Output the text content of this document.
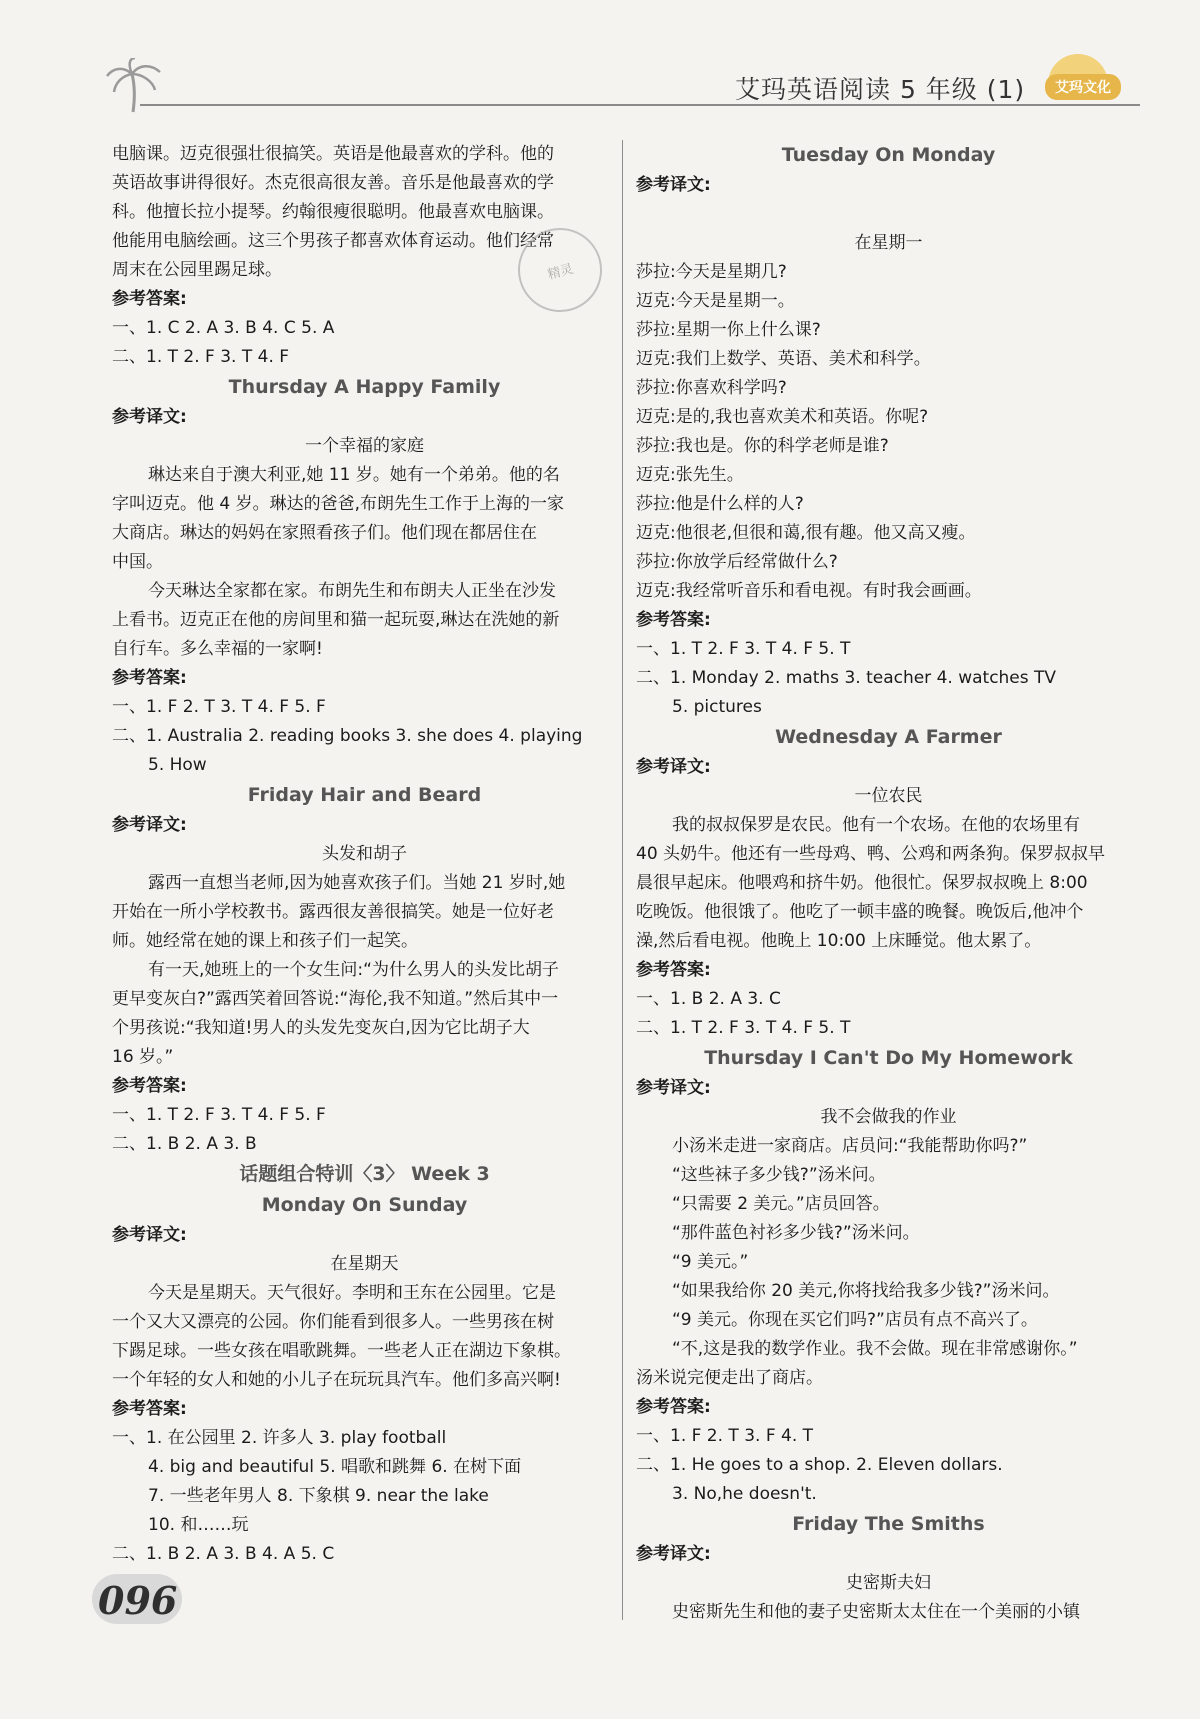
艾玛英语阅读 5 年级 (1)	艾玛文化
电脑课。迈克很强壮很搞笑。英语是他最喜欢的学科。他的
英语故事讲得很好。杰克很高很友善。音乐是他最喜欢的学
科。他擅长拉小提琴。约翰很瘦很聪明。他最喜欢电脑课。
他能用电脑绘画。这三个男孩子都喜欢体育运动。他们经常
周末在公园里踢足球。
参考答案:
一、1. C 2. A 3. B 4. C 5. A
二、1. T 2. F 3. T 4. F
Thursday A Happy Family
参考译文:
一个幸福的家庭
琳达来自于澳大利亚,她 11 岁。她有一个弟弟。他的名
字叫迈克。他 4 岁。琳达的爸爸,布朗先生工作于上海的一家
大商店。琳达的妈妈在家照看孩子们。他们现在都居住在
中国。
今天琳达全家都在家。布朗先生和布朗夫人正坐在沙发
上看书。迈克正在他的房间里和猫一起玩耍,琳达在洗她的新
自行车。多么幸福的一家啊!
参考答案:
一、1. F 2. T 3. T 4. F 5. F
二、1. Australia 2. reading books 3. she does 4. playing
5. How
Friday Hair and Beard
参考译文:
头发和胡子
露西一直想当老师,因为她喜欢孩子们。当她 21 岁时,她
开始在一所小学校教书。露西很友善很搞笑。她是一位好老
师。她经常在她的课上和孩子们一起笑。
有一天,她班上的一个女生问:“为什么男人的头发比胡子
更早变灰白?”露西笑着回答说:“海伦,我不知道。”然后其中一
个男孩说:“我知道!男人的头发先变灰白,因为它比胡子大
16 岁。”
参考答案:
一、1. T 2. F 3. T 4. F 5. F
二、1. B 2. A 3. B
话题组合特训〈3〉 Week 3
Monday On Sunday
参考译文:
在星期天
今天是星期天。天气很好。李明和王东在公园里。它是
一个又大又漂亮的公园。你们能看到很多人。一些男孩在树
下踢足球。一些女孩在唱歌跳舞。一些老人正在湖边下象棋。
一个年轻的女人和她的小儿子在玩玩具汽车。他们多高兴啊!
参考答案:
一、1. 在公园里 2. 许多人 3. play football
4. big and beautiful 5. 唱歌和跳舞 6. 在树下面
7. 一些老年男人 8. 下象棋 9. near the lake
10. 和……玩
二、1. B 2. A 3. B 4. A 5. C
Tuesday On Monday
参考译文:
在星期一
莎拉:今天是星期几?
迈克:今天是星期一。
莎拉:星期一你上什么课?
迈克:我们上数学、英语、美术和科学。
莎拉:你喜欢科学吗?
迈克:是的,我也喜欢美术和英语。你呢?
莎拉:我也是。你的科学老师是谁?
迈克:张先生。
莎拉:他是什么样的人?
迈克:他很老,但很和蔼,很有趣。他又高又瘦。
莎拉:你放学后经常做什么?
迈克:我经常听音乐和看电视。有时我会画画。
参考答案:
一、1. T 2. F 3. T 4. F 5. T
二、1. Monday 2. maths 3. teacher 4. watches TV
5. pictures
Wednesday A Farmer
参考译文:
一位农民
我的叔叔保罗是农民。他有一个农场。在他的农场里有
40 头奶牛。他还有一些母鸡、鸭、公鸡和两条狗。保罗叔叔早
晨很早起床。他喂鸡和挤牛奶。他很忙。保罗叔叔晚上 8:00
吃晚饭。他很饿了。他吃了一顿丰盛的晚餐。晚饭后,他冲个
澡,然后看电视。他晚上 10:00 上床睡觉。他太累了。
参考答案:
一、1. B 2. A 3. C
二、1. T 2. F 3. T 4. F 5. T
Thursday I Can't Do My Homework
参考译文:
我不会做我的作业
小汤米走进一家商店。店员问:“我能帮助你吗?”
“这些袜子多少钱?”汤米问。
“只需要 2 美元。”店员回答。
“那件蓝色衬衫多少钱?”汤米问。
“9 美元。”
“如果我给你 20 美元,你将找给我多少钱?”汤米问。
“9 美元。你现在买它们吗?”店员有点不高兴了。
“不,这是我的数学作业。我不会做。现在非常感谢你。”
汤米说完便走出了商店。
参考答案:
一、1. F 2. T 3. F 4. T
二、1. He goes to a shop. 2. Eleven dollars.
3. No,he doesn't.
Friday The Smiths
参考译文:
史密斯夫妇
史密斯先生和他的妻子史密斯太太住在一个美丽的小镇
精灵
096
